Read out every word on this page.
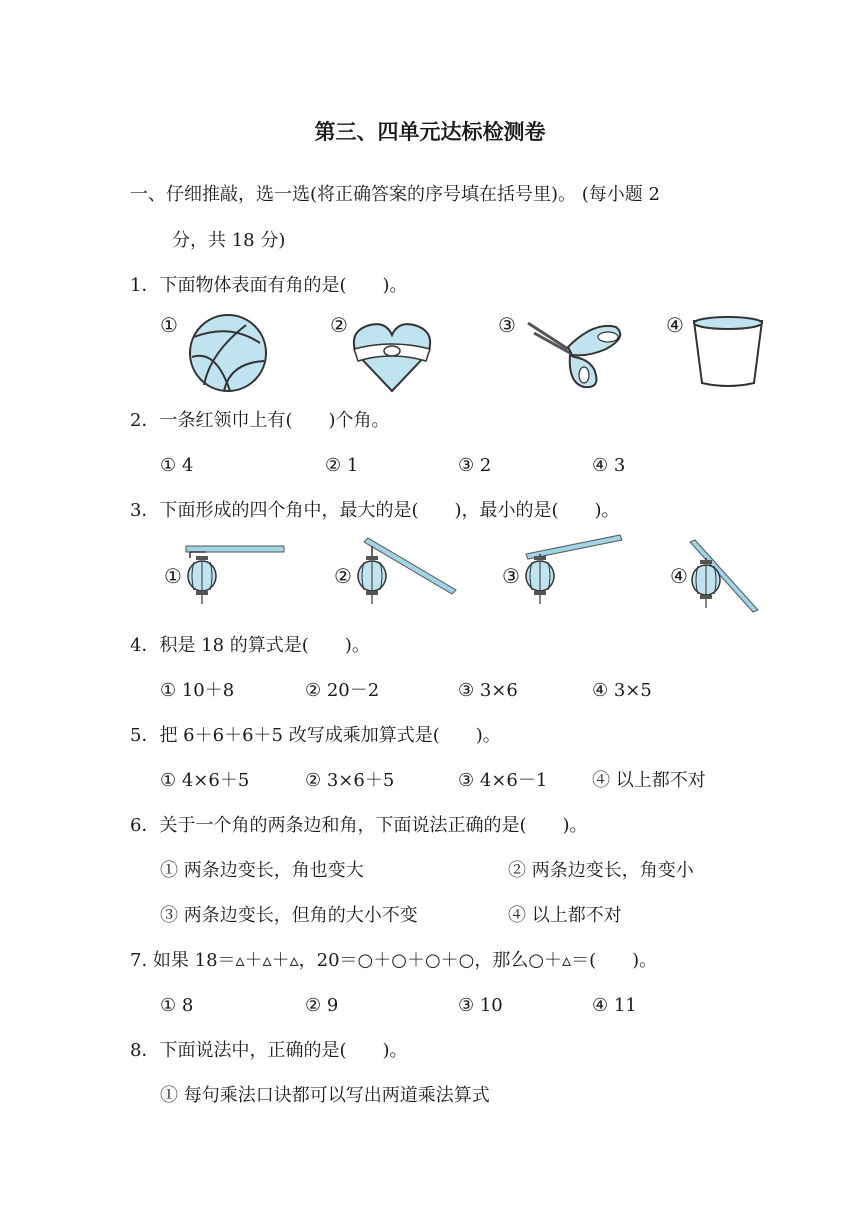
第三、四单元达标检测卷
一、仔细推敲，选一选(将正确答案的序号填在括号里)。 (每小题 2
分，共 18 分)
1．下面物体表面有角的是(　　)。
①	②	③	④
2．一条红领巾上有(　　)个角。
① 4	② 1	③ 2	④ 3
3．下面形成的四个角中，最大的是(　　)，最小的是(　　)。
①	②	③	④
4．积是 18 的算式是(　　)。
① 10＋8	② 20－2	③ 3×6	④ 3×5
5．把 6＋6＋6＋5 改写成乘加算式是(　　)。
① 4×6＋5	② 3×6＋5	③ 4×6－1 ④ 以上都不对
6．关于一个角的两条边和角，下面说法正确的是(　　)。
① 两条边变长，角也变大	② 两条边变长，角变小
③ 两条边变长，但角的大小不变	④ 以上都不对
7. 如果 18＝▵＋▵＋▵，20＝○＋○＋○＋○，那么○＋▵＝(　　)。
① 8	② 9	③ 10	④ 11
8．下面说法中，正确的是(　　)。
① 每句乘法口诀都可以写出两道乘法算式
